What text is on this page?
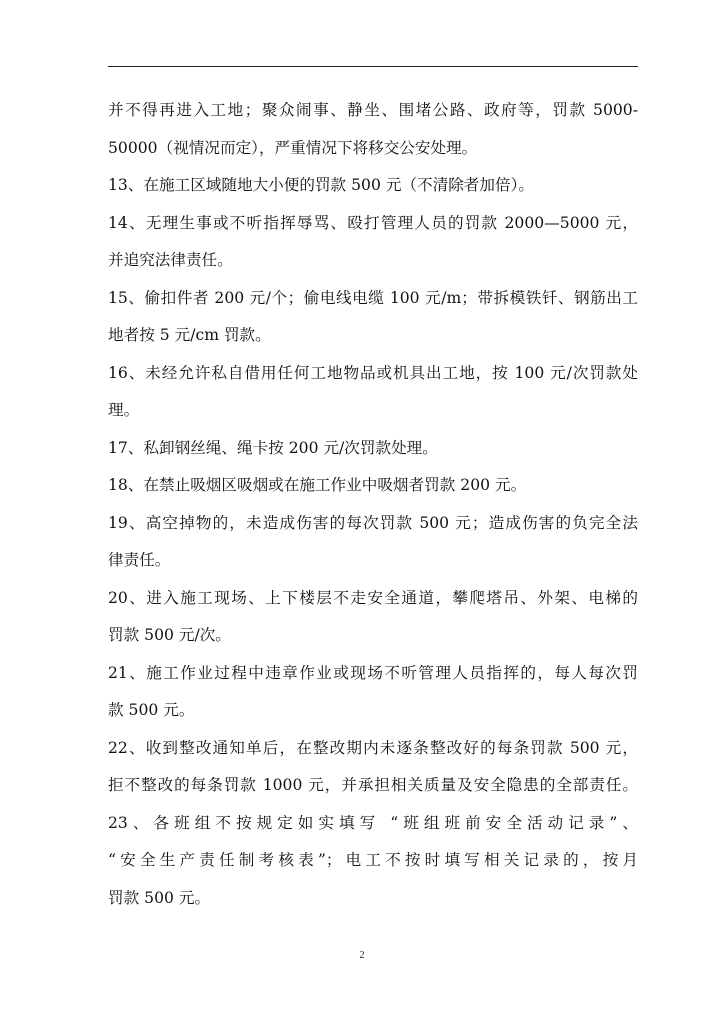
并不得再进入工地；聚众闹事、静坐、围堵公路、政府等，罚款 5000-
50000（视情况而定），严重情况下将移交公安处理。
13、在施工区域随地大小便的罚款 500 元（不清除者加倍）。
14、无理生事或不听指挥辱骂、殴打管理人员的罚款 2000—5000 元，
并追究法律责任。
15、偷扣件者 200 元/个；偷电线电缆 100 元/m；带拆模铁钎、钢筋出工
地者按 5 元/cm 罚款。
16、未经允许私自借用任何工地物品或机具出工地，按 100 元/次罚款处
理。
17、私卸钢丝绳、绳卡按 200 元/次罚款处理。
18、在禁止吸烟区吸烟或在施工作业中吸烟者罚款 200 元。
19、高空掉物的，未造成伤害的每次罚款 500 元；造成伤害的负完全法
律责任。
20、进入施工现场、上下楼层不走安全通道，攀爬塔吊、外架、电梯的
罚款 500 元/次。
21、施工作业过程中违章作业或现场不听管理人员指挥的，每人每次罚
款 500 元。
22、收到整改通知单后，在整改期内未逐条整改好的每条罚款 500 元，
拒不整改的每条罚款 1000 元，并承担相关质量及安全隐患的全部责任。
23、各班组不按规定如实填写 “班组班前安全活动记录”、
“安全生产责任制考核表”；电工不按时填写相关记录的，按月
罚款 500 元。
2
